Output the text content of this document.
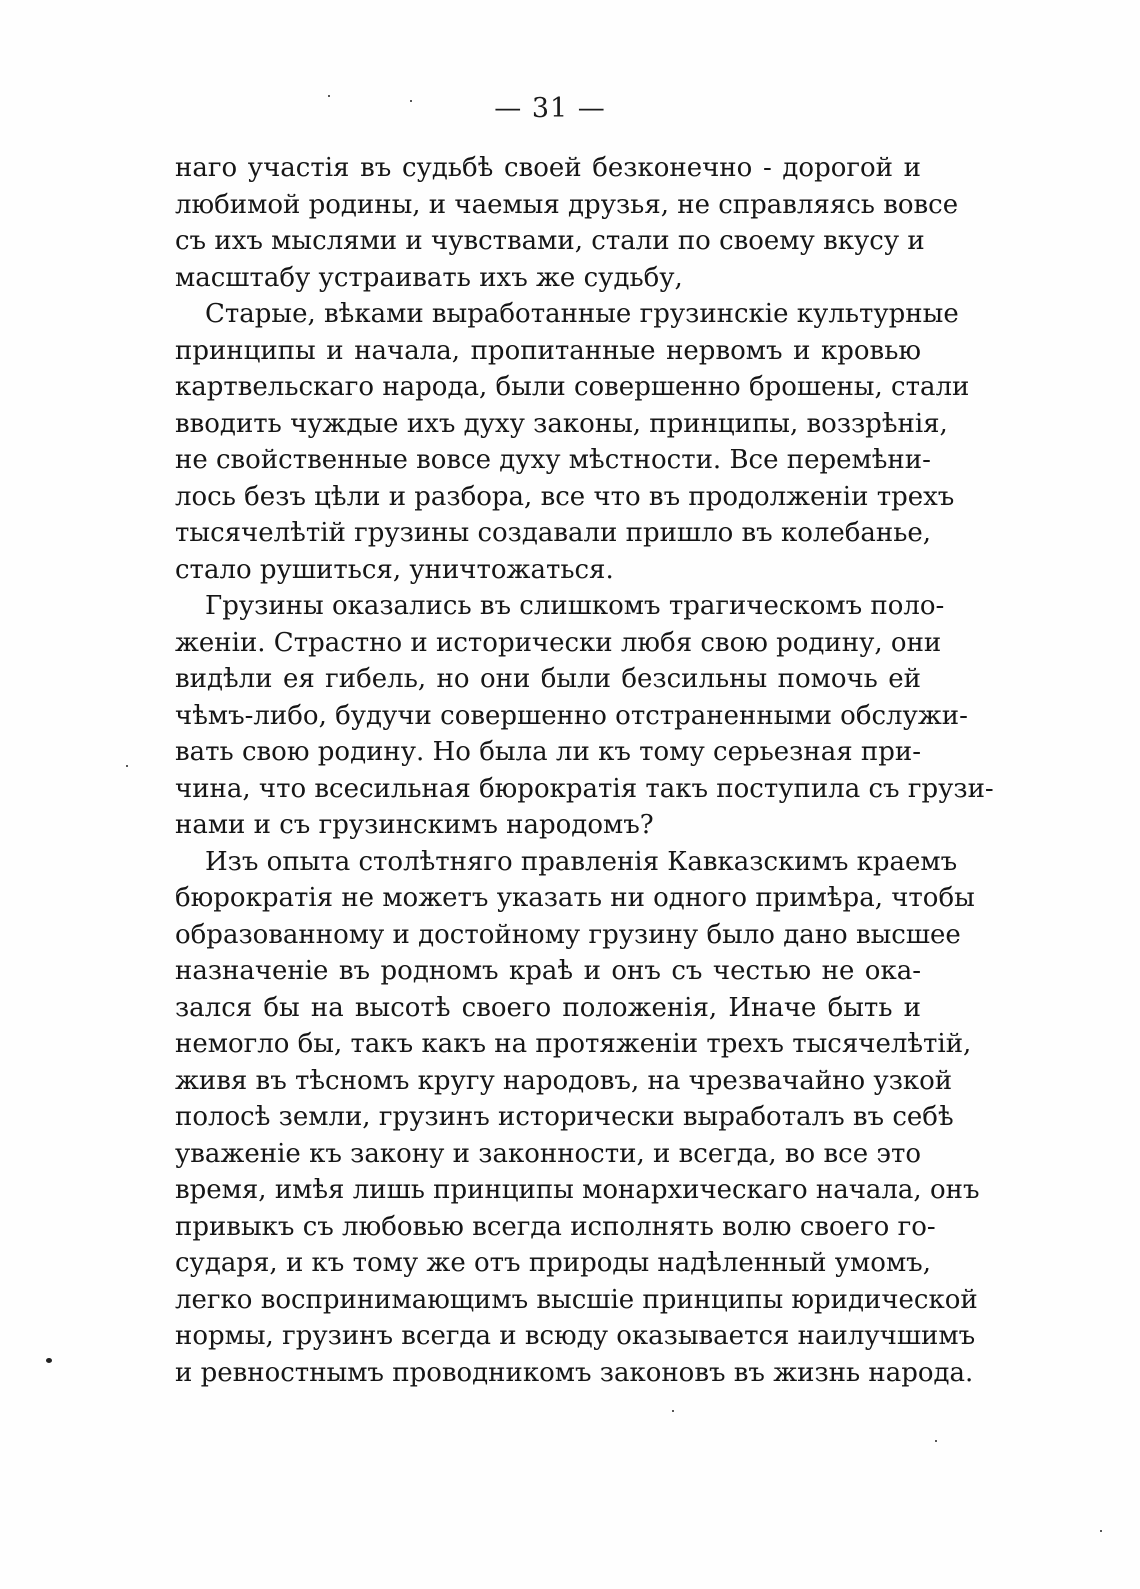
— 31 —
наго участія въ судьбѣ своей безконечно - дорогой и
любимой родины, и чаемыя друзья, не справляясь вовсе
съ ихъ мыслями и чувствами, стали по своему вкусу и
масштабу устраивать ихъ же судьбу,
Старые, вѣками выработанные грузинскіе культурные
принципы и начала, пропитанные нервомъ и кровью
картвельскаго народа, были совершенно брошены, стали
вводить чуждые ихъ духу законы, принципы, воззрѣнія,
не свойственные вовсе духу мѣстности. Все перемѣни-
лось безъ цѣли и разбора, все что въ продолженіи трехъ
тысячелѣтій грузины создавали пришло въ колебанье,
стало рушиться, уничтожаться.
Грузины оказались въ слишкомъ трагическомъ поло-
женіи. Страстно и исторически любя свою родину, они
видѣли ея гибель, но они были безсильны помочь ей
чѣмъ-либо, будучи совершенно отстраненными обслужи-
вать свою родину. Но была ли къ тому серьезная при-
чина, что всесильная бюрократія такъ поступила съ грузи-
нами и съ грузинскимъ народомъ?
Изъ опыта столѣтняго правленія Кавказскимъ краемъ
бюрократія не можетъ указать ни одного примѣра, чтобы
образованному и достойному грузину было дано высшее
назначеніе въ родномъ краѣ и онъ съ честью не ока-
зался бы на высотѣ своего положенія, Иначе быть и
немогло бы, такъ какъ на протяженіи трехъ тысячелѣтій,
живя въ тѣсномъ кругу народовъ, на чрезвачайно узкой
полосѣ земли, грузинъ исторически выработалъ въ себѣ
уваженіе къ закону и законности, и всегда, во все это
время, имѣя лишь принципы монархическаго начала, онъ
привыкъ съ любовью всегда исполнять волю своего го-
сударя, и къ тому же отъ природы надѣленный умомъ,
легко воспринимающимъ высшіе принципы юридической
нормы, грузинъ всегда и всюду оказывается наилучшимъ
и ревностнымъ проводникомъ законовъ въ жизнь народа.
